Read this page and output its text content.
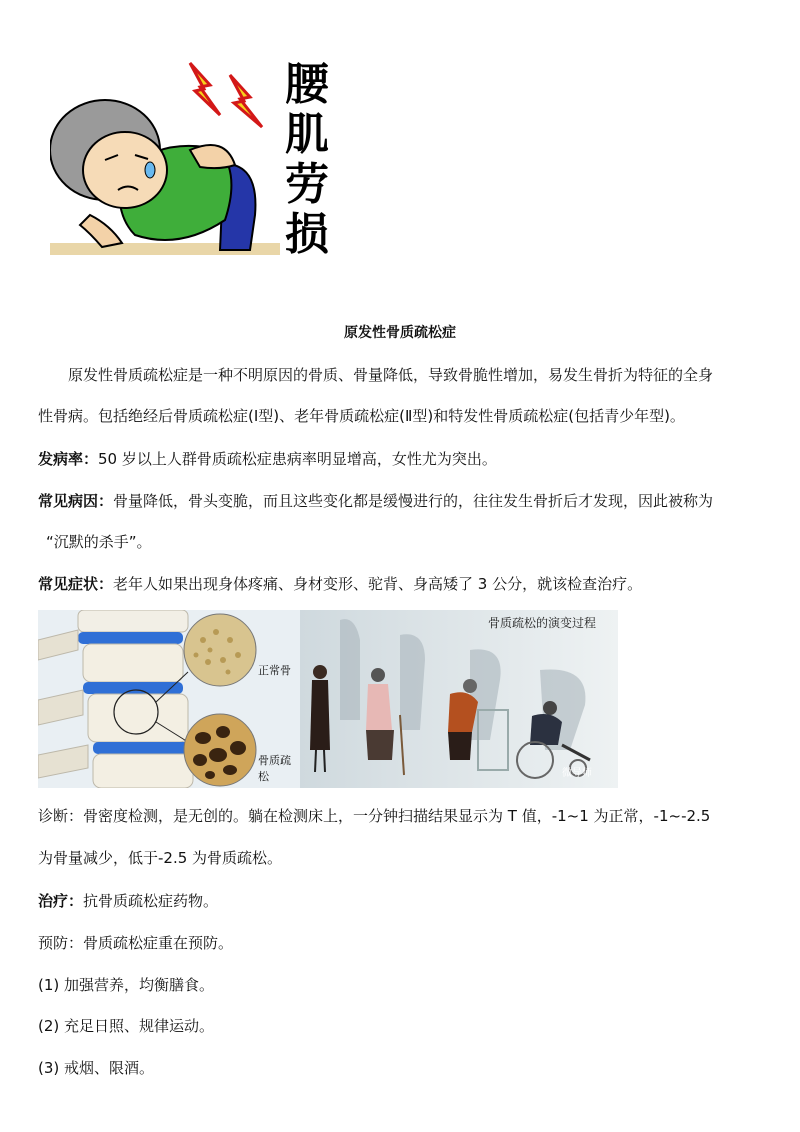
腰
肌
劳
损
原发性骨质疏松症
原发性骨质疏松症是一种不明原因的骨质、骨量降低，导致骨脆性增加，易发生骨折为特征的全身
性骨病。包括绝经后骨质疏松症(Ⅰ型)、老年骨质疏松症(Ⅱ型)和特发性骨质疏松症(包括青少年型)。
发病率：50 岁以上人群骨质疏松症患病率明显增高，女性尤为突出。
常见病因：骨量降低，骨头变脆，而且这些变化都是缓慢进行的，往往发生骨折后才发现，因此被称为
“沉默的杀手”。
常见症状：老年人如果出现身体疼痛、身材变形、驼背、身高矮了 3 公分，就该检查治疗。
正常骨
骨质疏松
骨质疏松的演变过程
微导师
诊断：骨密度检测，是无创的。躺在检测床上，一分钟扫描结果显示为 T 值，-1~1 为正常，-1~-2.5
为骨量减少，低于-2.5 为骨质疏松。
治疗：抗骨质疏松症药物。
预防：骨质疏松症重在预防。
(1) 加强营养，均衡膳食。
(2) 充足日照、规律运动。
(3) 戒烟、限酒。
